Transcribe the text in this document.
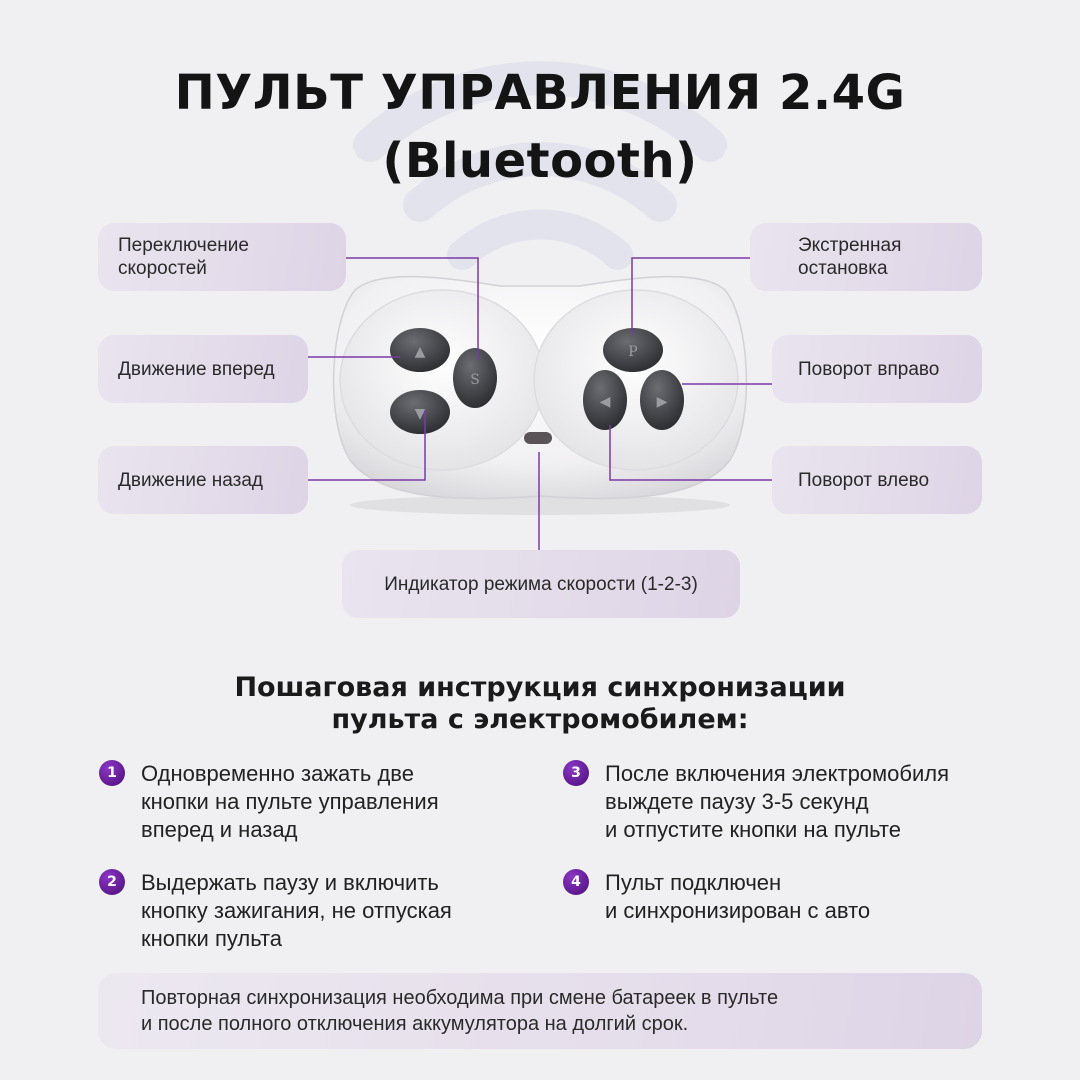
ПУЛЬТ УПРАВЛЕНИЯ 2.4G
(Bluetooth)
▲
S
▼
P
◀	▶
Переключение
скоростей
Движение вперед
Движение назад
Экстренная
остановка
Поворот вправо
Поворот влево
Индикатор режима скорости (1-2-3)
Пошаговая инструкция синхронизации
пульта с электромобилем:
1	Одновременно зажать две
кнопки на пульте управления
вперед и назад
2	Выдержать паузу и включить
кнопку зажигания, не отпуская
кнопки пульта
3	После включения электромобиля
выждете паузу 3-5 секунд
и отпустите кнопки на пульте
4	Пульт подключен
и синхронизирован с авто
Повторная синхронизация необходима при смене батареек в пульте
и после полного отключения аккумулятора на долгий срок.
